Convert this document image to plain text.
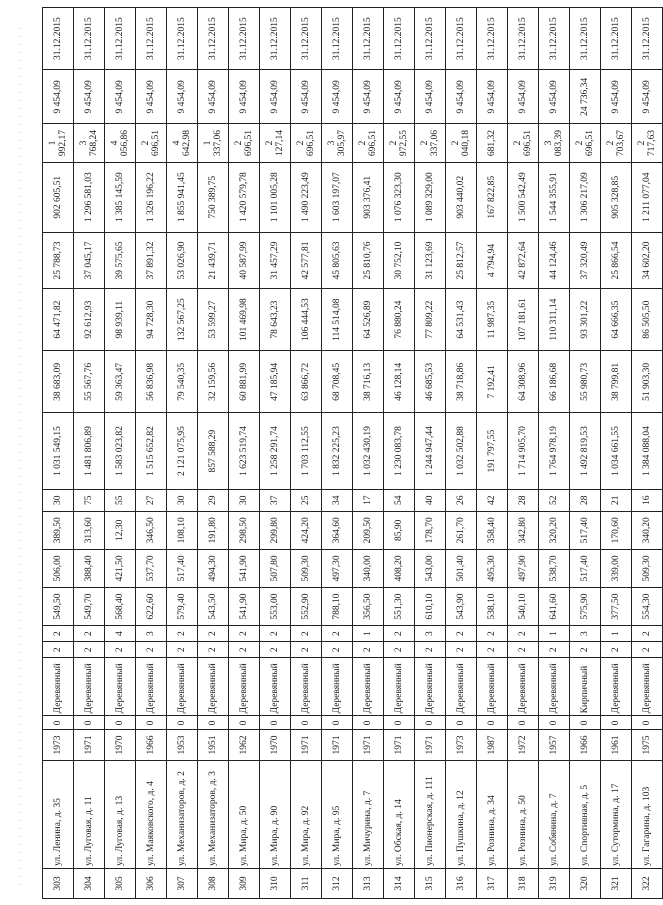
303	ул. Ленина, д. 35	1973	0	Деревянный	2	2	549,50	506,00	389,50	30	1 031 549,15	38 683,09	64 471,82	25 788,73	902 605,51	1 992,17	9 454,09	31.12.2015
304	ул. Луговая, д. 11	1971	0	Деревянный	2	2	549,70	388,40	313,60	75	1 481 806,89	55 567,76	92 612,93	37 045,17	1 296 581,03	3 768,24	9 454,09	31.12.2015
305	ул. Луговая, д. 13	1970	0	Деревянный	2	4	568,40	421,50	12,30	55	1 583 023,82	59 363,47	98 939,11	39 575,65	1 385 145,59	4 056,86	9 454,09	31.12.2015
306	ул. Маяковского, д. 4	1966	0	Деревянный	2	3	622,60	537,70	346,50	27	1 515 652,82	56 836,98	94 728,30	37 891,32	1 326 196,22	2 696,51	9 454,09	31.12.2015
307	ул. Механизаторов, д. 2	1953	0	Деревянный	2	2	579,40	517,40	108,10	30	2 121 075,95	79 540,35	132 567,25	53 026,90	1 855 941,45	4 642,98	9 454,09	31.12.2015
308	ул. Механизаторов, д. 3	1951	0	Деревянный	2	2	543,50	494,30	191,80	29	857 588,29	32 159,56	53 599,27	21 439,71	750 389,75	1 337,06	9 454,09	31.12.2015
309	ул. Мира, д. 50	1962	0	Деревянный	2	2	541,90	541,90	298,50	30	1 623 519,74	60 881,99	101 469,98	40 587,99	1 420 579,78	2 696,51	9 454,09	31.12.2015
310	ул. Мира, д. 90	1970	0	Деревянный	2	2	553,00	507,80	299,80	37	1 258 291,74	47 185,94	78 643,23	31 457,29	1 101 005,28	2 127,14	9 454,09	31.12.2015
311	ул. Мира, д. 92	1971	0	Деревянный	2	2	552,90	509,30	424,20	25	1 703 112,55	63 866,72	106 444,53	42 577,81	1 490 223,49	2 696,51	9 454,09	31.12.2015
312	ул. Мира, д. 95	1971	0	Деревянный	2	2	788,10	497,30	364,60	34	1 832 225,23	68 708,45	114 514,08	45 805,63	1 603 197,07	3 305,97	9 454,09	31.12.2015
313	ул. Мичурина, д. 7	1971	0	Деревянный	2	1	356,50	340,00	209,50	17	1 032 430,19	38 716,13	64 526,89	25 810,76	903 376,41	2 696,51	9 454,09	31.12.2015
314	ул. Обская, д. 14	1971	0	Деревянный	2	2	551,30	408,20	85,90	54	1 230 083,78	46 128,14	76 880,24	30 752,10	1 076 323,30	2 972,55	9 454,09	31.12.2015
315	ул. Пионерская, д. 111	1971	0	Деревянный	2	3	610,10	543,00	178,70	40	1 244 947,44	46 685,53	77 809,22	31 123,69	1 089 329,00	2 337,06	9 454,09	31.12.2015
316	ул. Пушкина, д. 12	1973	0	Деревянный	2	2	543,90	501,40	261,70	26	1 032 502,88	38 718,86	64 531,43	25 812,57	903 440,02	2 040,18	9 454,09	31.12.2015
317	ул. Рознина, д. 34	1987	0	Деревянный	2	2	538,10	495,30	358,40	42	191 797,55	7 192,41	11 987,35	4 794,94	167 822,85	681,32	9 454,09	31.12.2015
318	ул. Рознина, д. 50	1972	0	Деревянный	2	2	540,10	497,90	342,80	28	1 714 905,70	64 308,96	107 181,61	42 872,64	1 500 542,49	2 696,51	9 454,09	31.12.2015
319	ул. Собянина, д. 7	1957	0	Деревянный	2	1	641,60	538,70	320,20	52	1 764 978,19	66 186,68	110 311,14	44 124,46	1 544 355,91	3 083,39	9 454,09	31.12.2015
320	ул. Спортивная, д. 5	1966	0	Кирпичный	2	3	575,90	517,40	517,40	28	1 492 819,53	55 980,73	93 301,22	37 320,49	1 306 217,09	2 696,51	24 736,34	31.12.2015
321	ул. Сутормина, д. 17	1961	0	Деревянный	2	1	377,50	339,00	170,60	21	1 034 661,55	38 799,81	64 666,35	25 866,54	905 328,85	2 703,67	9 454,09	31.12.2015
322	ул. Гагарина, д. 103	1975	0	Деревянный	2	2	554,30	509,30	340,20	16	1 384 088,04	51 903,30	86 505,50	34 602,20	1 211 077,04	2 717,63	9 454,09	31.12.2015
